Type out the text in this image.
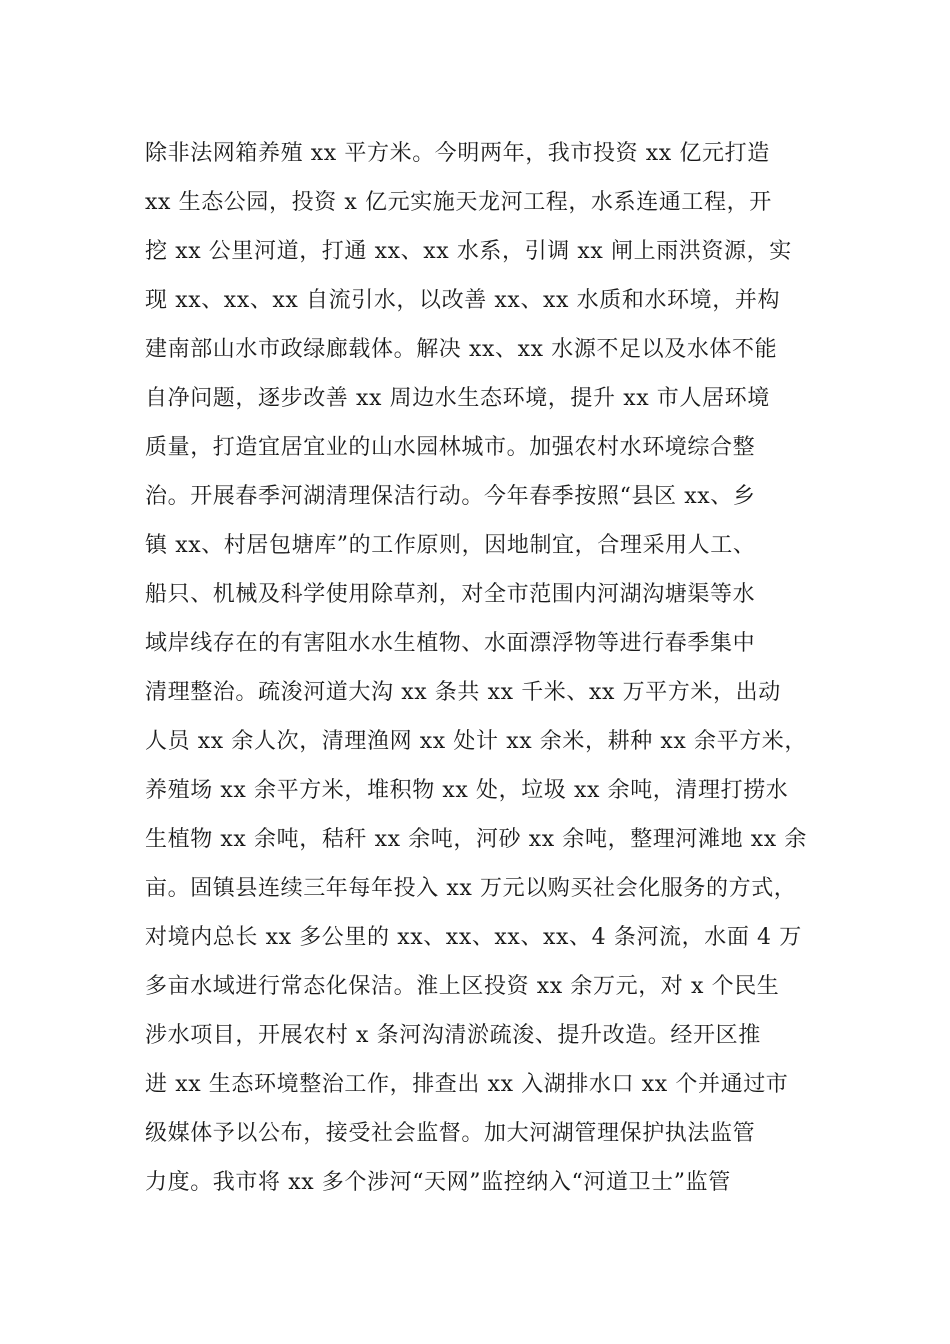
除非法网箱养殖 xx 平方米。今明两年，我市投资 xx 亿元打造
xx 生态公园，投资 x 亿元实施天龙河工程，水系连通工程，开
挖 xx 公里河道，打通 xx、xx 水系，引调 xx 闸上雨洪资源，实
现 xx、xx、xx 自流引水，以改善 xx、xx 水质和水环境，并构
建南部山水市政绿廊载体。解决 xx、xx 水源不足以及水体不能
自净问题，逐步改善 xx 周边水生态环境，提升 xx 市人居环境
质量，打造宜居宜业的山水园林城市。加强农村水环境综合整
治。开展春季河湖清理保洁行动。今年春季按照“县区 xx、乡
镇 xx、村居包塘库”的工作原则，因地制宜，合理采用人工、
船只、机械及科学使用除草剂，对全市范围内河湖沟塘渠等水
域岸线存在的有害阻水水生植物、水面漂浮物等进行春季集中
清理整治。疏浚河道大沟 xx 条共 xx 千米、xx 万平方米，出动
人员 xx 余人次，清理渔网 xx 处计 xx 余米，耕种 xx 余平方米，
养殖场 xx 余平方米，堆积物 xx 处，垃圾 xx 余吨，清理打捞水
生植物 xx 余吨，秸秆 xx 余吨，河砂 xx 余吨，整理河滩地 xx 余
亩。固镇县连续三年每年投入 xx 万元以购买社会化服务的方式，
对境内总长 xx 多公里的 xx、xx、xx、xx、4 条河流，水面 4 万
多亩水域进行常态化保洁。淮上区投资 xx 余万元，对 x 个民生
涉水项目，开展农村 x 条河沟清淤疏浚、提升改造。经开区推
进 xx 生态环境整治工作，排查出 xx 入湖排水口 xx 个并通过市
级媒体予以公布，接受社会监督。加大河湖管理保护执法监管
力度。我市将 xx 多个涉河“天网”监控纳入“河道卫士”监管
